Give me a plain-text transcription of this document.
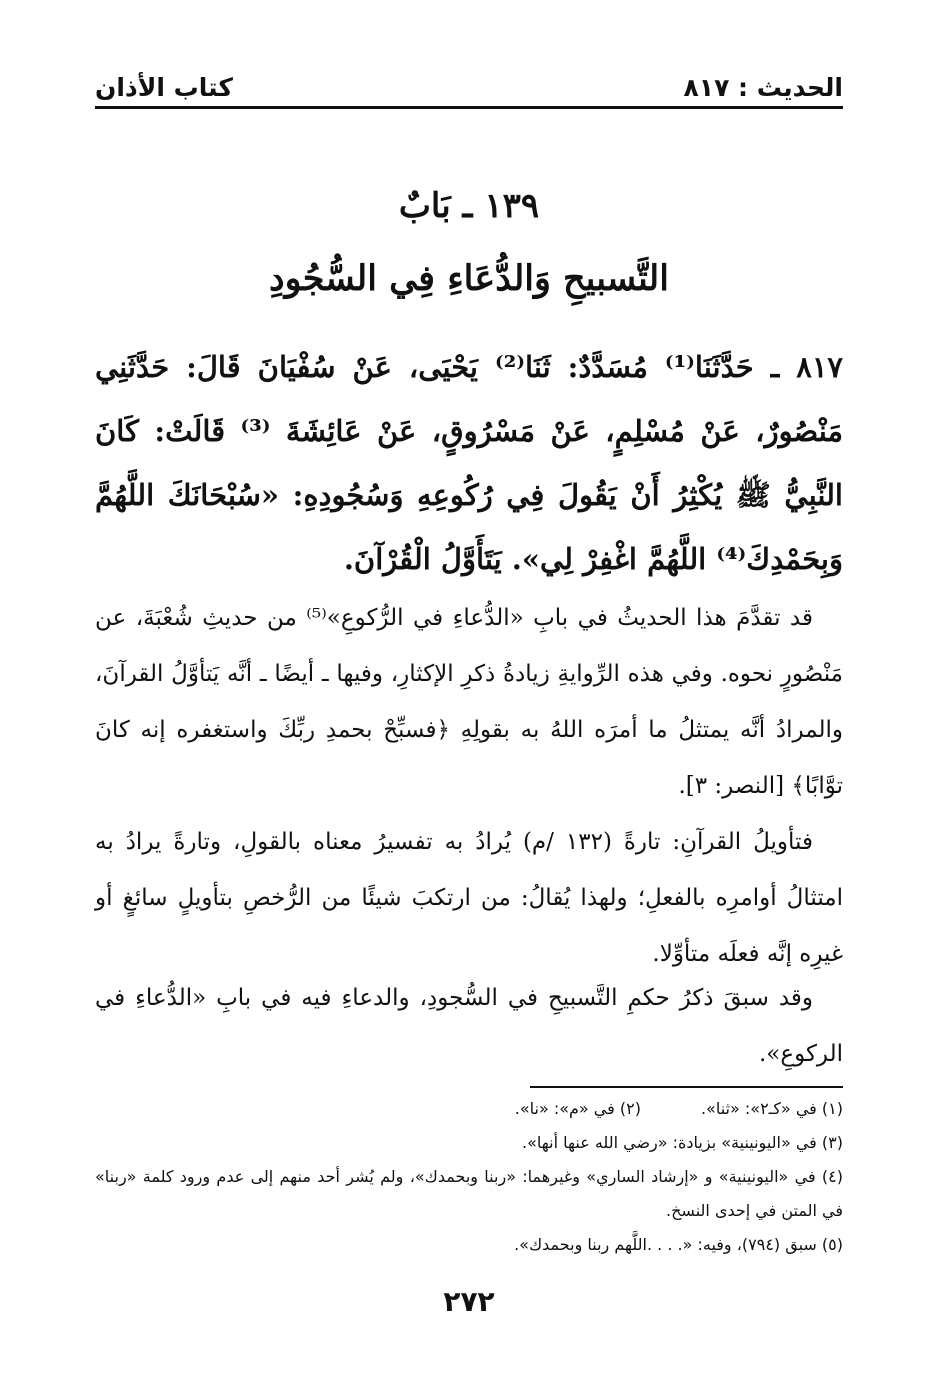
الحديث : ٨١٧
كتاب الأذان
١٣٩ ـ بَابٌ
التَّسبيحِ وَالدُّعَاءِ فِي السُّجُودِ
٨١٧ ـ حَدَّثَنَا⁽¹⁾ مُسَدَّدٌ: ثَنَا⁽²⁾ يَحْيَى، عَنْ سُفْيَانَ قَالَ: حَدَّثَنِي مَنْصُورٌ، عَنْ مُسْلِمٍ، عَنْ مَسْرُوقٍ، عَنْ عَائِشَةَ ⁽³⁾ قَالَتْ: كَانَ النَّبِيُّ ﷺ يُكْثِرُ أَنْ يَقُولَ فِي رُكُوعِهِ وَسُجُودِهِ: «سُبْحَانَكَ اللَّهُمَّ وَبِحَمْدِكَ⁽⁴⁾ اللَّهُمَّ اغْفِرْ لِي». يَتَأَوَّلُ الْقُرْآنَ.
قد تقدَّمَ هذا الحديثُ في بابِ «الدُّعاءِ في الرُّكوعِ»⁽⁵⁾ من حديثِ شُعْبَةَ، عن مَنْصُورٍ نحوه. وفي هذه الرِّوايةِ زيادةُ ذكرِ الإكثارِ، وفيها ـ أيضًا ـ أنَّه يَتأوَّلُ القرآنَ، والمرادُ أنَّه يمتثلُ ما أمرَه اللهُ به بقولِهِ ﴿فسبِّحْ بحمدِ ربِّكَ واستغفره إنه كانَ توَّابًا﴾ [النصر: ٣].
فتأويلُ القرآنِ: تارةً (١٣٢ /م) يُرادُ به تفسيرُ معناه بالقولِ، وتارةً يرادُ به امتثالُ أوامرِه بالفعلِ؛ ولهذا يُقالُ: من ارتكبَ شيئًا من الرُّخصِ بتأويلٍ سائغٍ أو غيرِه إنَّه فعلَه متأوِّلا.
وقد سبقَ ذكرُ حكمِ التَّسبيحِ في السُّجودِ، والدعاءِ فيه في بابِ «الدُّعاءِ في الركوعِ».
(١) في «كـ٢»: «ثنا».
(٢) في «م»: «نا».
(٣) في «اليونينية» بزيادة: «رضي الله عنها أنها».
(٤) في «اليونينية» و «إرشاد الساري» وغيرهما: «ربنا وبحمدك»، ولم يُشر أحد منهم إلى عدم ورود كلمة «ربنا» في المتن في إحدى النسخ.
(٥) سبق (٧٩٤)، وفيه: «. . . .اللَّهم ربنا وبحمدك».
٢٧٢
